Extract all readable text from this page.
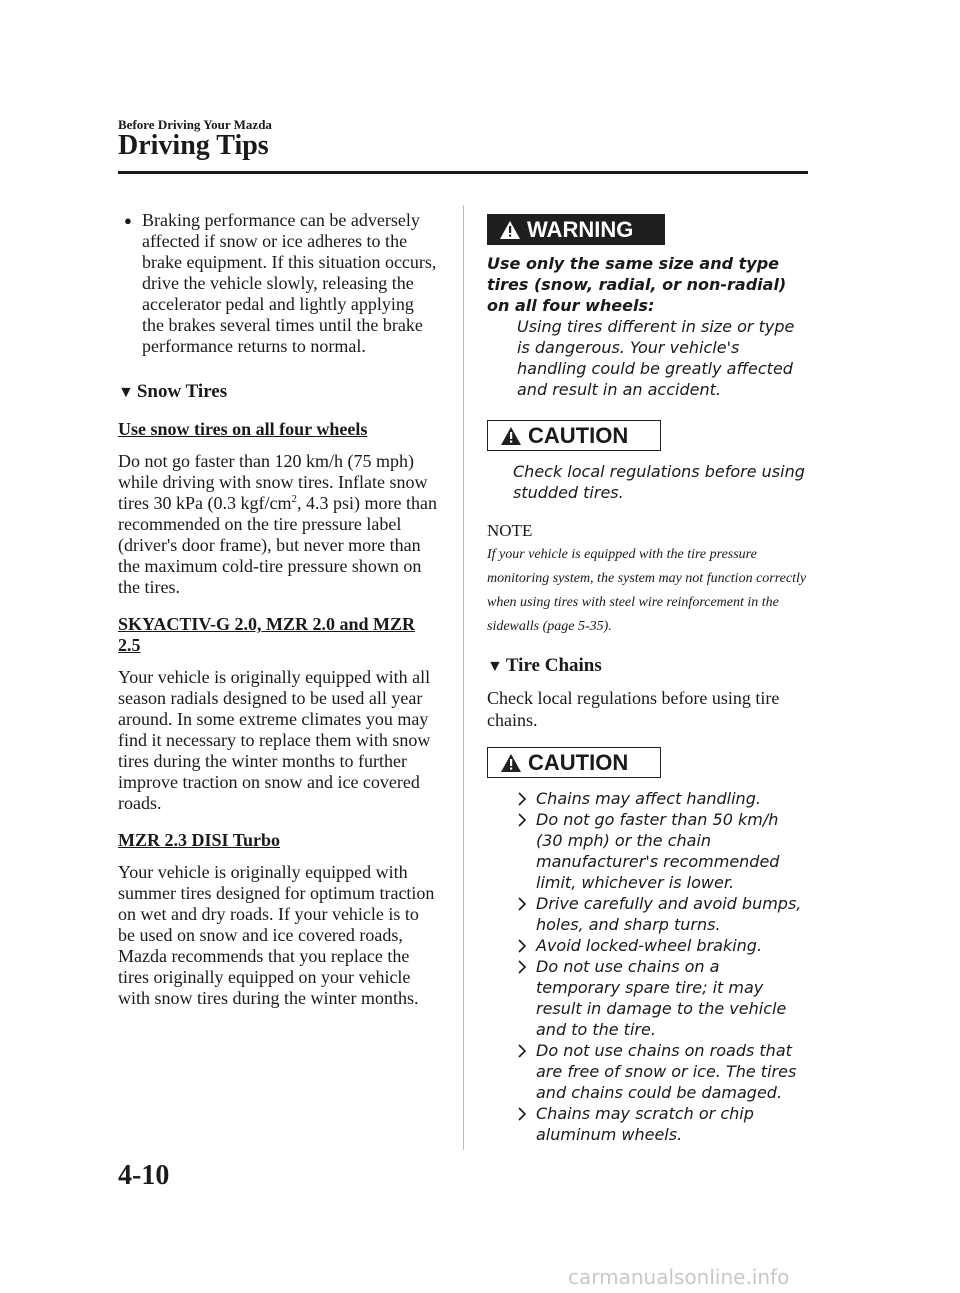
Before Driving Your Mazda
Driving Tips
● Braking performance can be adversely affected if snow or ice adheres to the brake equipment. If this situation occurs, drive the vehicle slowly, releasing the accelerator pedal and lightly applying the brakes several times until the brake performance returns to normal.
▼ Snow Tires
Use snow tires on all four wheels
Do not go faster than 120 km/h (75 mph) while driving with snow tires. Inflate snow tires 30 kPa (0.3 kgf/$cm^2$, 4.3 psi) more than recommended on the tire pressure label (driver's door frame), but never more than the maximum cold-tire pressure shown on the tires.
SKYACTIV-G 2.0, MZR 2.0 and MZR 2.5
Your vehicle is originally equipped with all season radials designed to be used all year around. In some extreme climates you may find it necessary to replace them with snow tires during the winter months to further improve traction on snow and ice covered roads.
MZR 2.3 DISI Turbo
Your vehicle is originally equipped with summer tires designed for optimum traction on wet and dry roads. If your vehicle is to be used on snow and ice covered roads, Mazda recommends that you replace the tires originally equipped on your vehicle with snow tires during the winter months.
WARNING
Use only the same size and type tires (snow, radial, or non-radial) on all four wheels:
Using tires different in size or type is dangerous. Your vehicle's handling could be greatly affected and result in an accident.
CAUTION
Check local regulations before using studded tires.
NOTE
If your vehicle is equipped with the tire pressure monitoring system, the system may not function correctly when using tires with steel wire reinforcement in the sidewalls (page 5-35).
▼ Tire Chains
Check local regulations before using tire chains.
CAUTION
Chains may affect handling.
Do not go faster than 50 km/h (30 mph) or the chain manufacturer's recommended limit, whichever is lower.
Drive carefully and avoid bumps, holes, and sharp turns.
Avoid locked-wheel braking.
Do not use chains on a temporary spare tire; it may result in damage to the vehicle and to the tire.
Do not use chains on roads that are free of snow or ice. The tires and chains could be damaged.
Chains may scratch or chip aluminum wheels.
4-10
carmanualsonline.info
